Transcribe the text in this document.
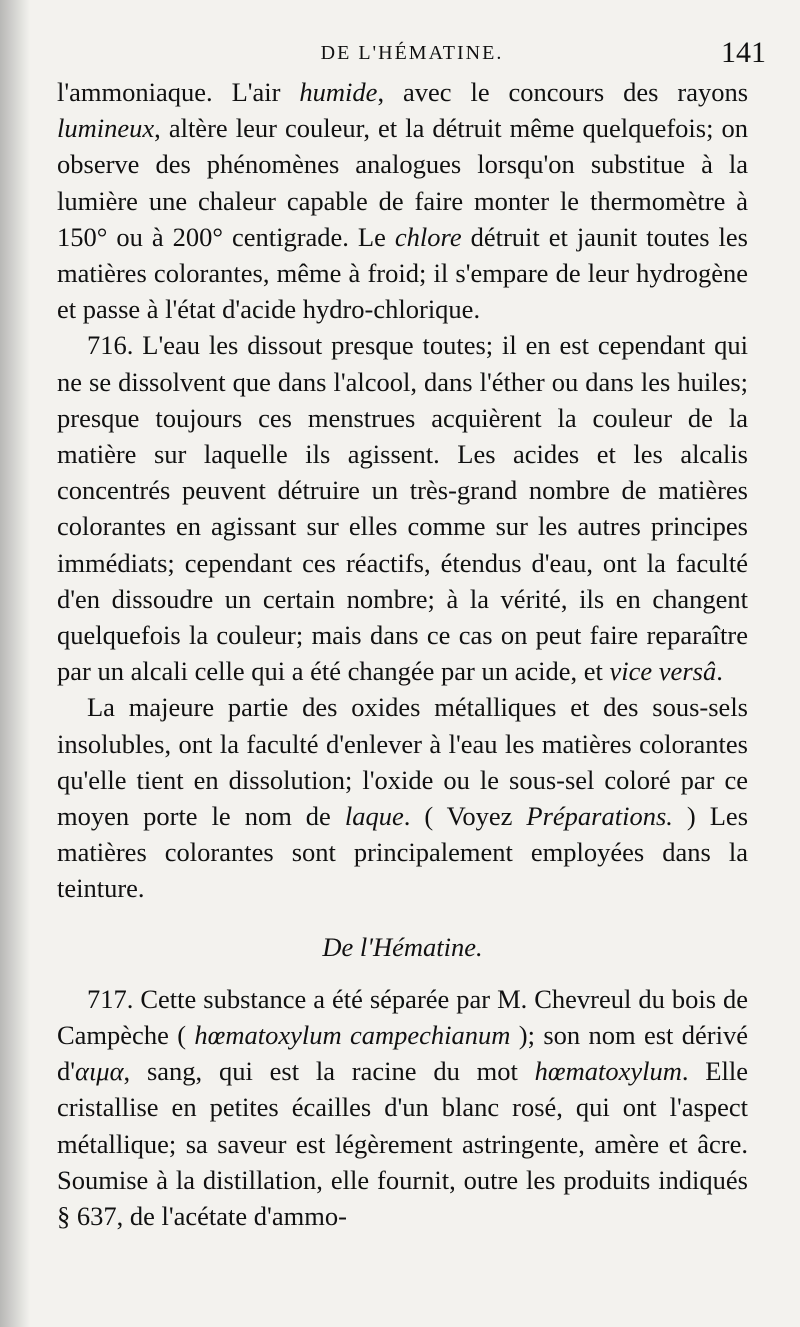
DE L'HÉMATINE.	141

l'ammoniaque. L'air humide, avec le concours des rayons lumineux, altère leur couleur, et la détruit même quelquefois; on observe des phénomènes analogues lorsqu'on substitue à la lumière une chaleur capable de faire monter le thermomètre à 150° ou à 200° centigrade. Le chlore détruit et jaunit toutes les matières colorantes, même à froid; il s'empare de leur hydrogène et passe à l'état d'acide hydro-chlorique.

716. L'eau les dissout presque toutes; il en est cependant qui ne se dissolvent que dans l'alcool, dans l'éther ou dans les huiles; presque toujours ces menstrues acquièrent la couleur de la matière sur laquelle ils agissent. Les acides et les alcalis concentrés peuvent détruire un très-grand nombre de matières colorantes en agissant sur elles comme sur les autres principes immédiats; cependant ces réactifs, étendus d'eau, ont la faculté d'en dissoudre un certain nombre; à la vérité, ils en changent quelquefois la couleur; mais dans ce cas on peut faire reparaître par un alcali celle qui a été changée par un acide, et vice versâ.

La majeure partie des oxides métalliques et des sous-sels insolubles, ont la faculté d'enlever à l'eau les matières colorantes qu'elle tient en dissolution; l'oxide ou le sous-sel coloré par ce moyen porte le nom de laque. ( Voyez Préparations. ) Les matières colorantes sont principalement employées dans la teinture.

De l'Hématine.

717. Cette substance a été séparée par M. Chevreul du bois de Campèche ( hœmatoxylum campechianum ); son nom est dérivé d'αιμα, sang, qui est la racine du mot hœmatoxylum. Elle cristallise en petites écailles d'un blanc rosé, qui ont l'aspect métallique; sa saveur est légèrement astringente, amère et âcre. Soumise à la distillation, elle fournit, outre les produits indiqués § 637, de l'acétate d'ammo-
